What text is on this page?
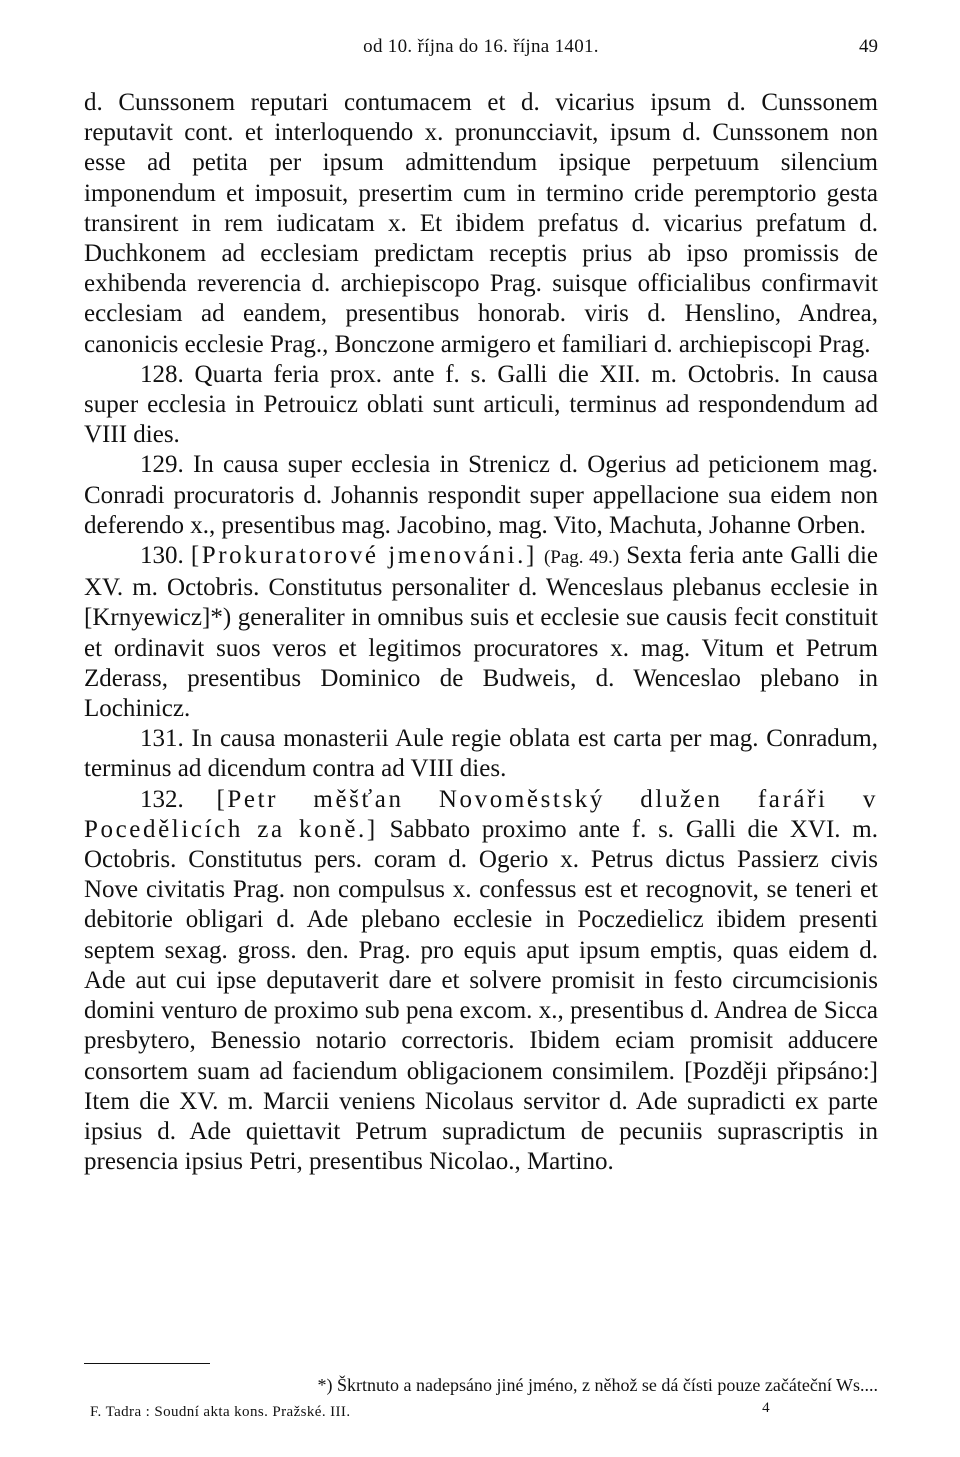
od 10. října do 16. října 1401.	49

d. Cunssonem reputari contumacem et d. vicarius ipsum d. Cunssonem reputavit cont. et interloquendo x. pronuncciavit, ipsum d. Cunssonem non esse ad petita per ipsum admittendum ipsique perpetuum silencium imponendum et imposuit, presertim cum in termino cride peremptorio gesta transirent in rem iudicatam x. Et ibidem prefatus d. vicarius prefatum d. Duchkonem ad ecclesiam predictam receptis prius ab ipso promissis de exhibenda reverencia d. archiepiscopo Prag. suisque officialibus confirmavit ecclesiam ad eandem, presentibus honorab. viris d. Henslino, Andrea, canonicis ecclesie Prag., Bonczone armigero et familiari d. archiepiscopi Prag.

128. Quarta feria prox. ante f. s. Galli die XII. m. Octobris. In causa super ecclesia in Petrouicz oblati sunt articuli, terminus ad respondendum ad VIII dies.

129. In causa super ecclesia in Strenicz d. Ogerius ad peticionem mag. Conradi procuratoris d. Johannis respondit super appellacione sua eidem non deferendo x., presentibus mag. Jacobino, mag. Vito, Machuta, Johanne Orben.

130. [Prokuratorové jmenováni.] (Pag. 49.) Sexta feria ante Galli die XV. m. Octobris. Constitutus personaliter d. Wenceslaus plebanus ecclesie in [Krnyewicz]*) generaliter in omnibus suis et ecclesie sue causis fecit constituit et ordinavit suos veros et legitimos procuratores x. mag. Vitum et Petrum Zderass, presentibus Dominico de Budweis, d. Wenceslao plebano in Lochinicz.

131. In causa monasterii Aule regie oblata est carta per mag. Conradum, terminus ad dicendum contra ad VIII dies.

132. [Petr měšťan Novoměstský dlužen faráři v Pocedělicích za koně.] Sabbato proximo ante f. s. Galli die XVI. m. Octobris. Constitutus pers. coram d. Ogerio x. Petrus dictus Passierz civis Nove civitatis Prag. non compulsus x. confessus est et recognovit, se teneri et debitorie obligari d. Ade plebano ecclesie in Poczedielicz ibidem presenti septem sexag. gross. den. Prag. pro equis aput ipsum emptis, quas eidem d. Ade aut cui ipse deputaverit dare et solvere promisit in festo circumcisionis domini venturo de proximo sub pena excom. x., presentibus d. Andrea de Sicca presbytero, Benessio notario correctoris. Ibidem eciam promisit adducere consortem suam ad faciendum obligacionem consimilem. [Později připsáno:] Item die XV. m. Marcii veniens Nicolaus servitor d. Ade supradicti ex parte ipsius d. Ade quiettavit Petrum supradictum de pecuniis suprascriptis in presencia ipsius Petri, presentibus Nicolao., Martino.

*) Škrtnuto a nadepsáno jiné jméno, z něhož se dá čísti pouze začáteční Ws....
F. Tadra : Soudní akta kons. Pražské. III.	4
